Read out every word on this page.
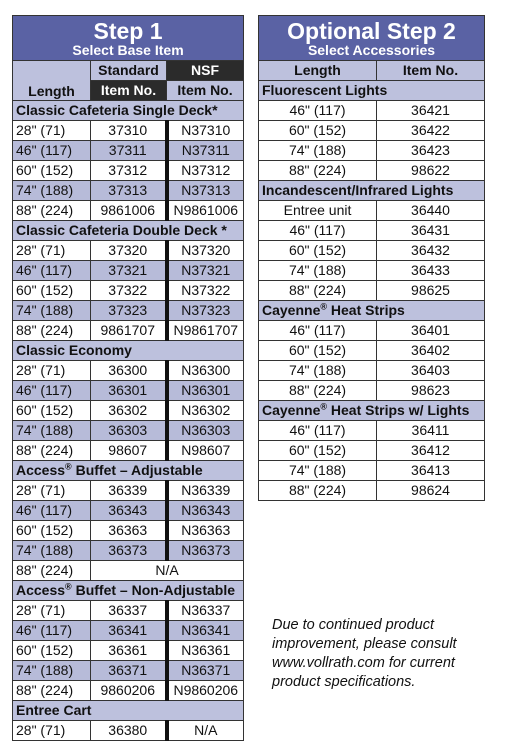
Step 1
Select Base Item		

Length	Standard	NSF
	Item No.	Item No.
Classic Cafeteria Single Deck*		
28" (71)	37310	N37310
46" (117)	37311	N37311
60" (152)	37312	N37312
74" (188)	37313	N37313
88" (224)	9861006	N9861006
Classic Cafeteria Double Deck *		
28" (71)	37320	N37320
46" (117)	37321	N37321
60" (152)	37322	N37322
74" (188)	37323	N37323
88" (224)	9861707	N9861707
Classic Economy		
28" (71)	36300	N36300
46" (117)	36301	N36301
60" (152)	36302	N36302
74" (188)	36303	N36303
88" (224)	98607	N98607
Access® Buffet – Adjustable		
28" (71)	36339	N36339
46" (117)	36343	N36343
60" (152)	36363	N36363
74" (188)	36373	N36373
88" (224)	N/A	
Access® Buffet – Non-Adjustable		
28" (71)	36337	N36337
46" (117)	36341	N36341
60" (152)	36361	N36361
74" (188)	36371	N36371
88" (224)	9860206	N9860206
Entree Cart		
28" (71)	36380	N/A
Optional Step 2
Select Accessories	

Length	Item No.
Fluorescent Lights	
46" (117)	36421
60" (152)	36422
74" (188)	36423
88" (224)	98622
Incandescent/Infrared Lights	
Entree unit	36440
46" (117)	36431
60" (152)	36432
74" (188)	36433
88" (224)	98625
Cayenne® Heat Strips	
46" (117)	36401
60" (152)	36402
74" (188)	36403
88" (224)	98623
Cayenne® Heat Strips w/ Lights	
46" (117)	36411
60" (152)	36412
74" (188)	36413
88" (224)	98624
Due to continued product improvement, please consult www.vollrath.com for current product specifications.
